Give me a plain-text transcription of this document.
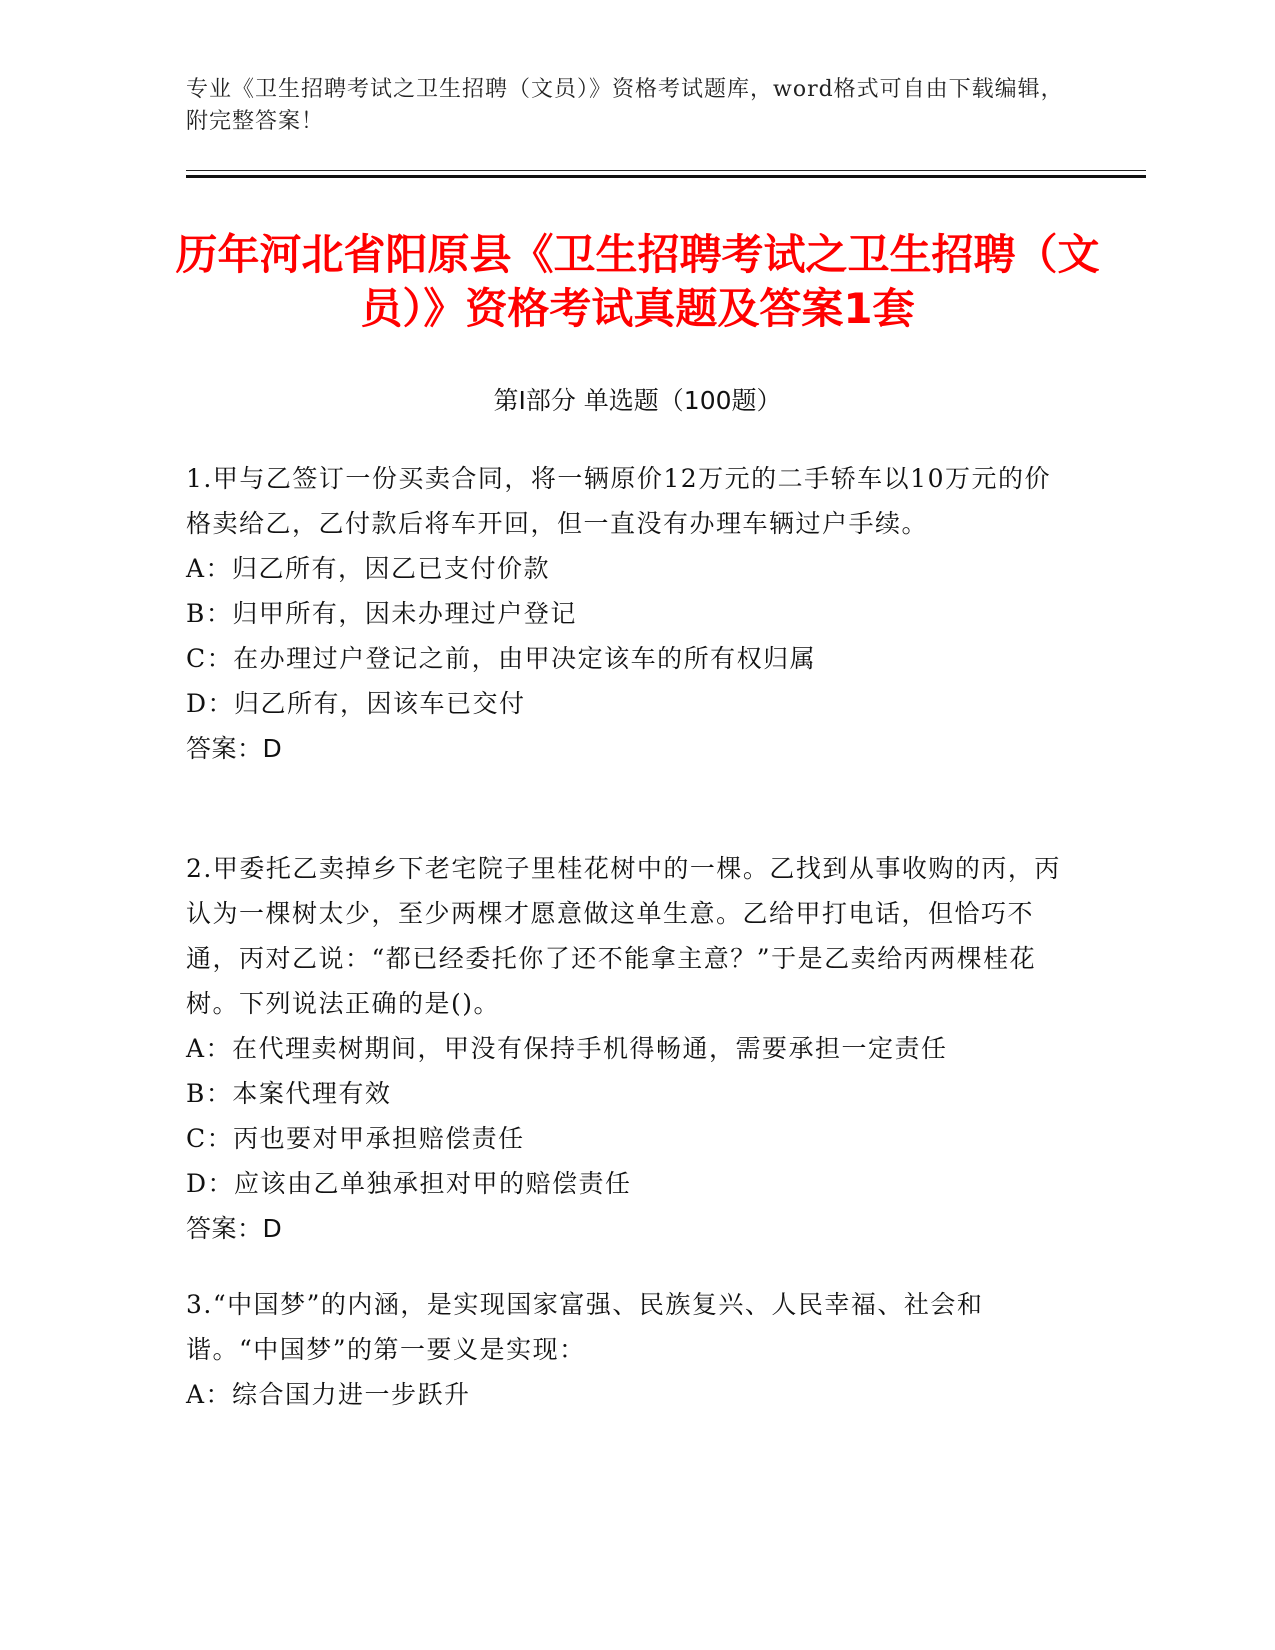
专业《卫生招聘考试之卫生招聘（文员）》资格考试题库，word格式可自由下载编辑，附完整答案！
历年河北省阳原县《卫生招聘考试之卫生招聘（文员）》资格考试真题及答案1套
第Ⅰ部分 单选题（100题）

1.甲与乙签订一份买卖合同，将一辆原价12万元的二手轿车以10万元的价格卖给乙，乙付款后将车开回，但一直没有办理车辆过户手续。

A：归乙所有，因乙已支付价款

B：归甲所有，因未办理过户登记

C：在办理过户登记之前，由甲决定该车的所有权归属

D：归乙所有，因该车已交付

答案：D

2.甲委托乙卖掉乡下老宅院子里桂花树中的一棵。乙找到从事收购的丙，丙认为一棵树太少，至少两棵才愿意做这单生意。乙给甲打电话，但恰巧不通，丙对乙说：“都已经委托你了还不能拿主意？”于是乙卖给丙两棵桂花树。下列说法正确的是()。

A：在代理卖树期间，甲没有保持手机得畅通，需要承担一定责任

B：本案代理有效

C：丙也要对甲承担赔偿责任

D：应该由乙单独承担对甲的赔偿责任

答案：D

3.“中国梦”的内涵，是实现国家富强、民族复兴、人民幸福、社会和谐。“中国梦”的第一要义是实现：

A：综合国力进一步跃升
